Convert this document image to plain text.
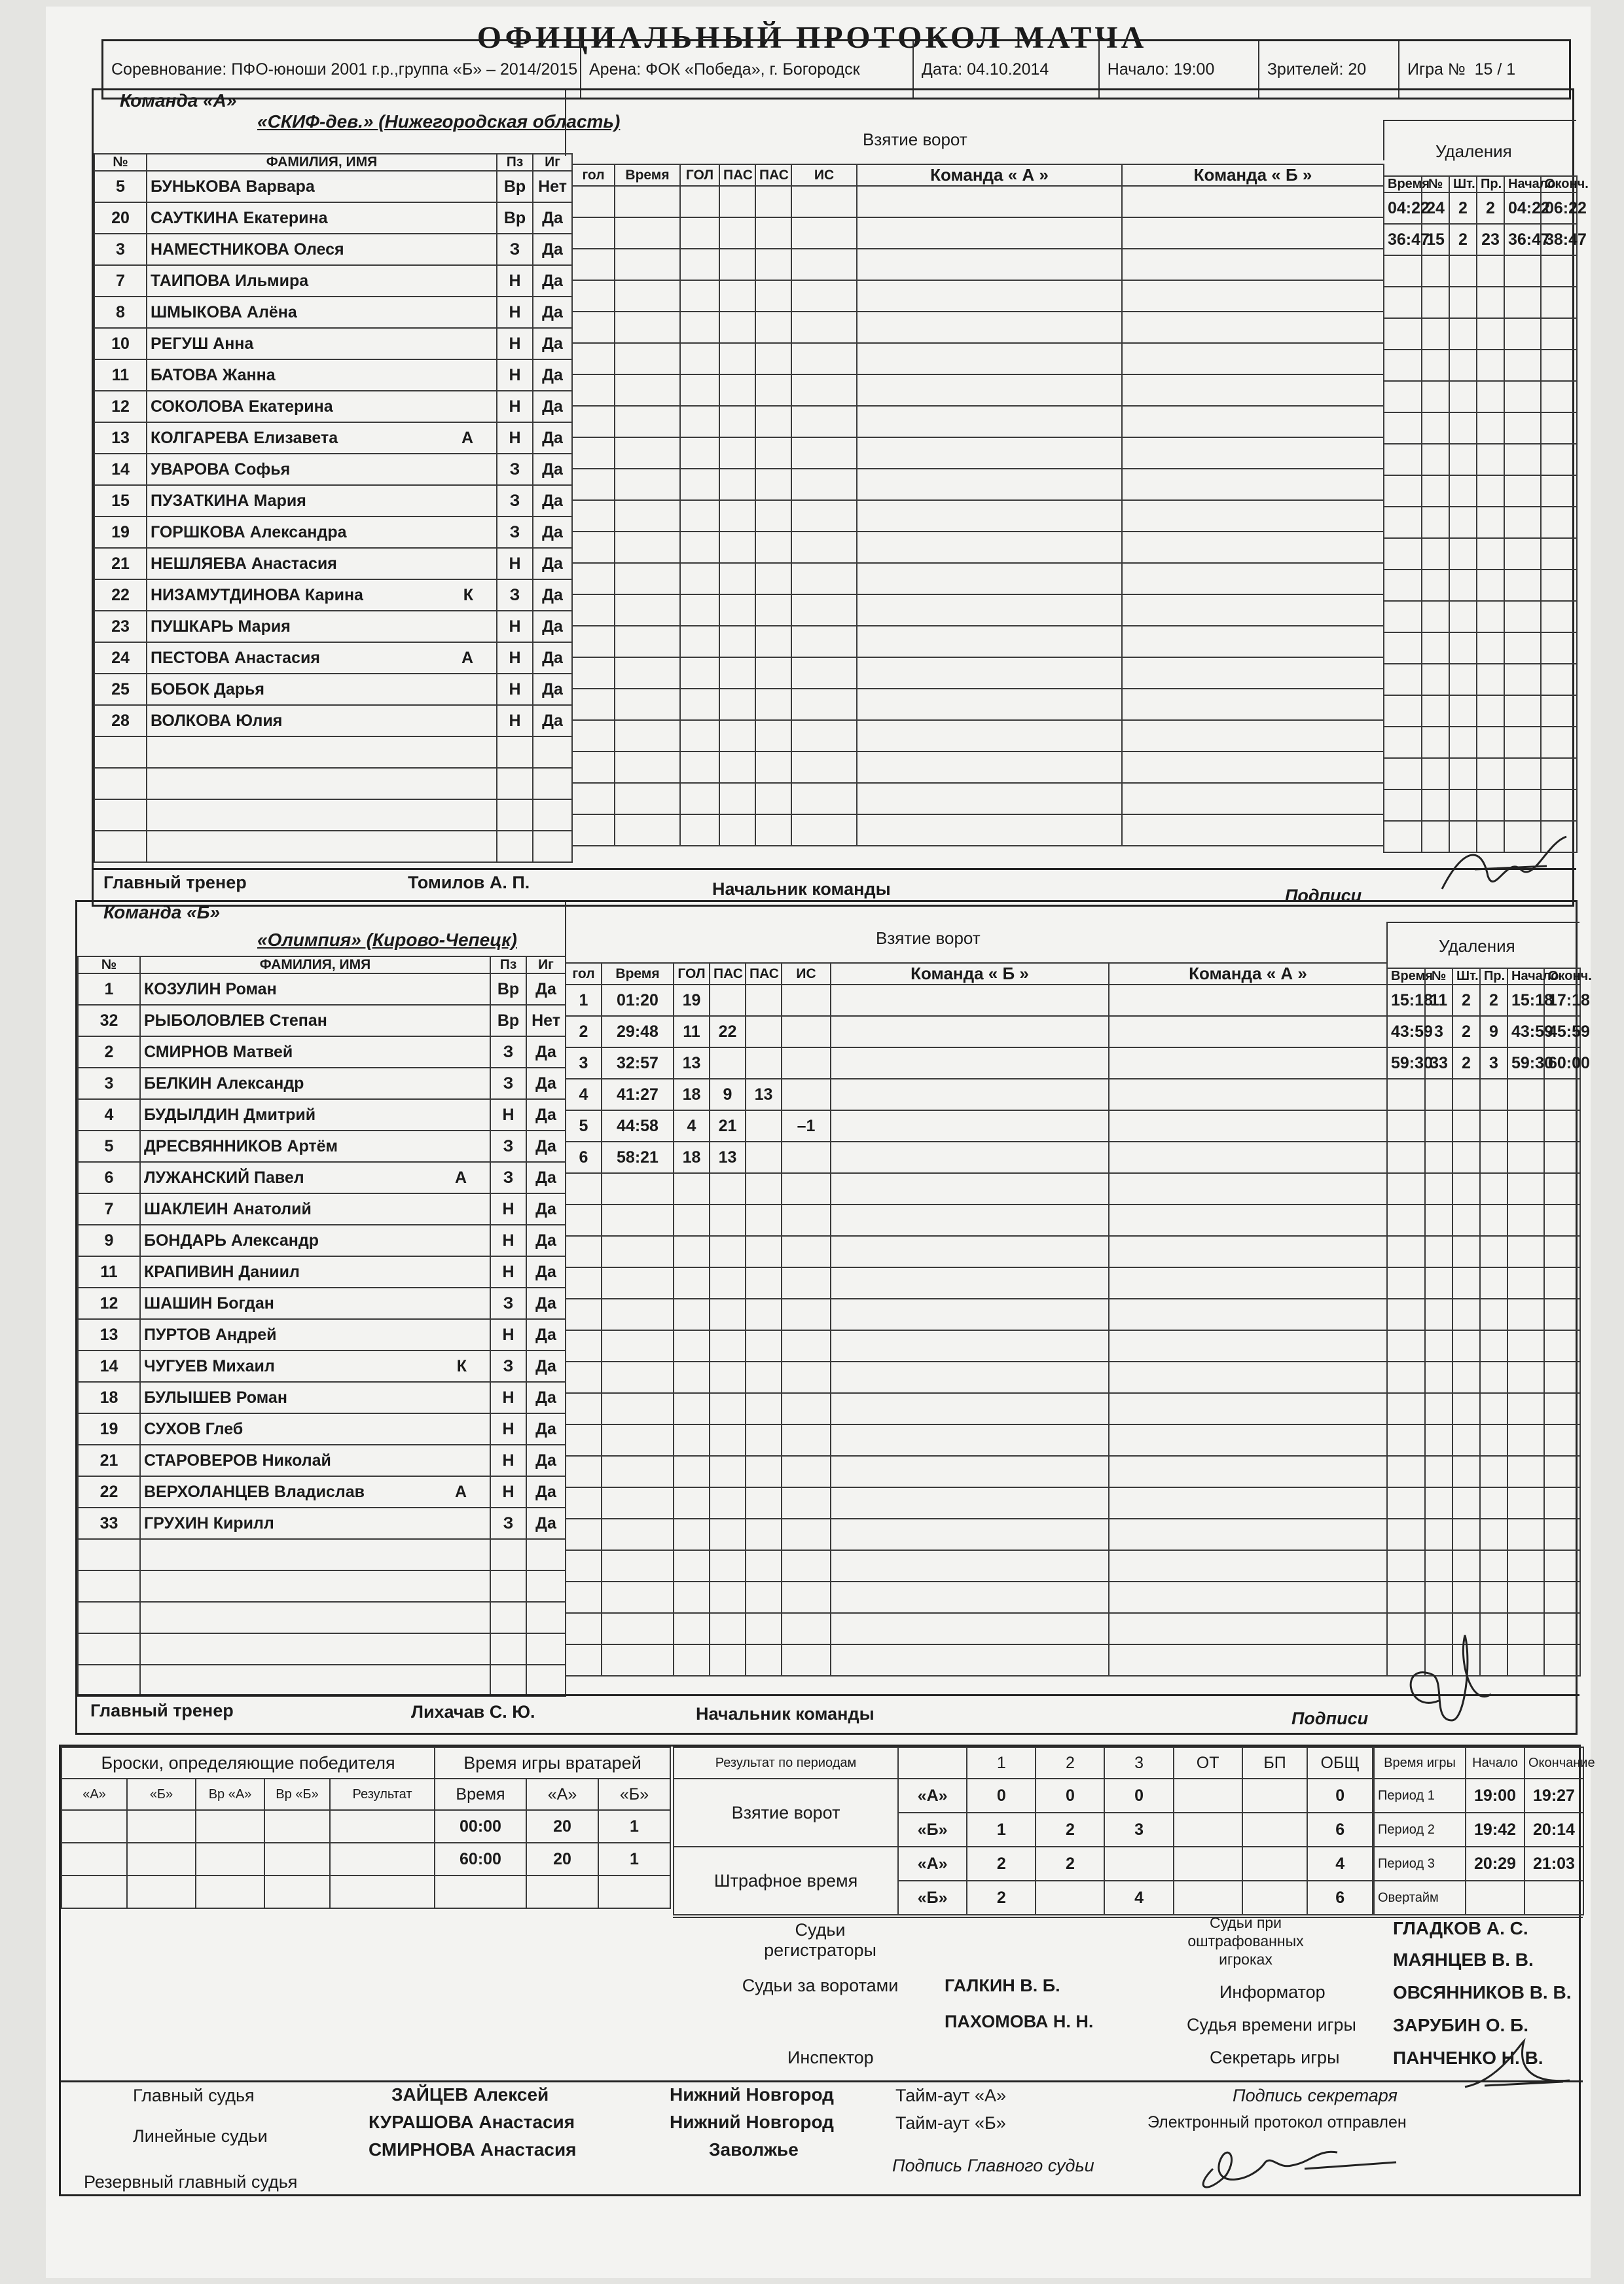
ОФИЦИАЛЬНЫЙ ПРОТОКОЛ МАТЧА
Соревнование: ПФО-юноши 2001 г.р.,группа «Б» – 2014/2015 Арена: ФОК «Победа», г. Богородск	Дата: 04.10.2014	Начало: 19:00	Зрителей: 20	Игра №
15 / 1
Команда «А»
«СКИФ-дев.» (Нижегородская область)
Взятие ворот
Удаления
№	ФАМИЛИЯ, ИМЯ	Пз	Иг
5	БУНЬКОВА Варвара	Вр	Нет
20	САУТКИНА Екатерина	Вр	Да
3	НАМЕСТНИКОВА Олеся	З	Да
7	ТАИПОВА Ильмира	Н	Да
8	ШМЫКОВА Алёна	Н	Да
10	РЕГУШ Анна	Н	Да
11	БАТОВА Жанна	Н	Да
12	СОКОЛОВА Екатерина	Н	Да
13	КОЛГАРЕВА Елизавета А	Н	Да
14	УВАРОВА Софья	З	Да
15	ПУЗАТКИНА Мария	З	Да
19	ГОРШКОВА Александра	З	Да
21	НЕШЛЯЕВА Анастасия	Н	Да
22	НИЗАМУТДИНОВА Карина К	З	Да
23	ПУШКАРЬ Мария	Н	Да
24	ПЕСТОВА Анастасия А	Н	Да
25	БОБОК Дарья	Н	Да
28	ВОЛКОВА Юлия	Н	Да

гол	Время	ГОЛ	ПАС	ПАС	ИС	Команда « А »	Команда « Б »

								Время	№	Шт.	Пр.	Начало	Оконч.
04:22	24	2	2	04:22	06:22
36:47	15	2	23	36:47	38:47

Главный тренер	Томилов А. П.	Начальник команды	Подписи
Команда «Б»
«Олимпия» (Кирово-Чепецк)	Взятие ворот	Удаления
№	ФАМИЛИЯ, ИМЯ	Пз	Иг
1	КОЗУЛИН Роман	Вр	Да
32	РЫБОЛОВЛЕВ Степан	Вр	Нет
2	СМИРНОВ Матвей	З	Да
3	БЕЛКИН Александр	З	Да
4	БУДЫЛДИН Дмитрий	Н	Да
5	ДРЕСВЯННИКОВ Артём	З	Да
6	ЛУЖАНСКИЙ Павел А	З	Да
7	ШАКЛЕИН Анатолий	Н	Да
9	БОНДАРЬ Александр	Н	Да
11	КРАПИВИН Даниил	Н	Да
12	ШАШИН Богдан	З	Да
13	ПУРТОВ Андрей	Н	Да
14	ЧУГУЕВ Михаил К	З	Да
18	БУЛЫШЕВ Роман	Н	Да
19	СУХОВ Глеб	Н	Да
21	СТАРОВЕРОВ Николай	Н	Да
22	ВЕРХОЛАНЦЕВ Владислав А	Н	Да
33	ГРУХИН Кирилл	З	Да

гол	Время	ГОЛ	ПАС	ПАС	ИС	Команда « Б »	Команда « А »
1	01:20	19					
2	29:48	11	22				
3	32:57	13					
4	41:27	18	9	13			
5	44:58	4	21		–1		
6	58:21	18	13				

Время	№	Шт.	Пр.	Начало	Оконч.
15:18	11	2	2	15:18	17:18
43:59	3	2	9	43:59	45:59
59:30	33	2	3	59:30	60:00

Главный тренер	Лихачав С. Ю.	Начальник команды	Подписи
Броски, определяющие победителя				
«А»	«Б»	Вр «А»	Вр «Б»	Результат

Время игры вратарей		
Время	«А»	«Б»
00:00	20	1
60:00	20	1

Результат по периодам		1	2	3	ОТ	БП	ОБЩ
Взятие ворот	«А»	0	0	0			0
	«Б»	1	2	3			6
Штрафное время	«А»	2	2				4
	«Б»	2		4			6
Время игры	Начало	Окончание
Период 1	19:00	19:27
Период 2	19:42	20:14
Период 3	20:29	21:03
Овертайм		
Судьи регистраторы
Судьи за воротами	ГАЛКИН В. Б.
ПАХОМОВА Н. Н.
Инспектор
Судьи при оштрафованных игроках
ГЛАДКОВ А. С.
МАЯНЦЕВ В. В.
Информатор	ОВСЯННИКОВ В. В.
Судья времени игры ЗАРУБИН О. Б.
Секретарь игры	ПАНЧЕНКО Н. В.
Главный судья	ЗАЙЦЕВ Алексей	Нижний Новгород
Линейные судьи
КУРАШОВА Анастасия	Нижний Новгород
СМИРНОВА Анастасия	Заволжье
Резервный главный судья
Тайм-аут «А»
Тайм-аут «Б»
Подпись секретаря
Электронный протокол отправлен
Подпись Главного судьи
